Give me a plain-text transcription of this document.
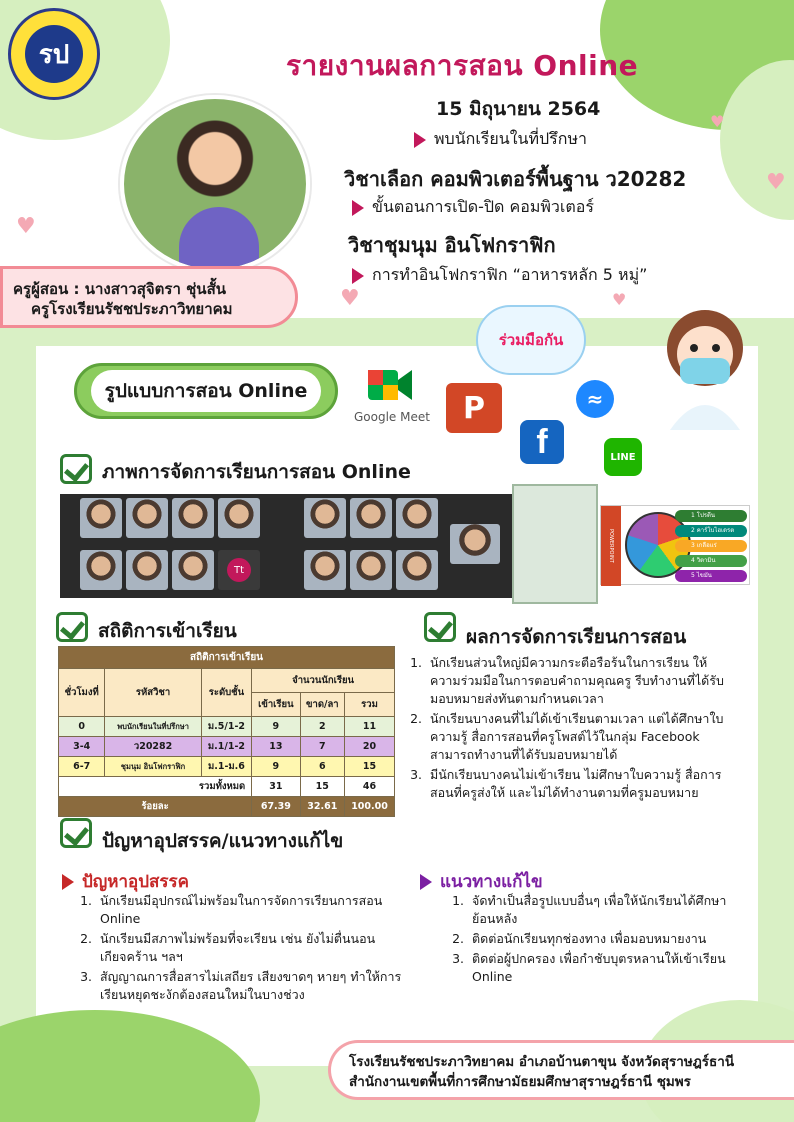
♥
♥
♥
♥
♥
รป	รายงานผลการสอน Online
15 มิถุนายน 2564
พบนักเรียนในที่ปรึกษา
วิชาเลือก คอมพิวเตอร์พื้นฐาน ว20282
ขั้นตอนการเปิด-ปิด คอมพิวเตอร์
วิชาชุมนุม อินโฟกราฟิก
การทำอินโฟกราฟิก “อาหารหลัก 5 หมู่”
ครูผู้สอน : นางสาวสุจิตรา ชุ่นสั้น
ครูโรงเรียนรัชชประภาวิทยาคม
ร่วมมือกัน
รูปแบบการสอน Online
Google Meet	P	≈
f	LINE
ภาพการจัดการเรียนการสอน Online
Tt
POWERPOINT
1 โปรตีน
2 คาร์โบไฮเดรต
3 เกลือแร่
4 วิตามิน
5 ไขมัน
สถิติการเข้าเรียน
สถิติการเข้าเรียน					
ชั่วโมงที่	รหัสวิชา	ระดับชั้น	จำนวนนักเรียน		
			เข้าเรียน	ขาด/ลา	รวม
0	พบนักเรียนในที่ปรึกษา	ม.5/1-2	9	2	11
3-4	ว20282	ม.1/1-2	13	7	20
6-7	ชุมนุม อินโฟกราฟิก	ม.1-ม.6	9	6	15
รวมทั้งหมด			31	15	46
ร้อยละ			67.39	32.61	100.00
ผลการจัดการเรียนการสอน
1. นักเรียนส่วนใหญ่มีความกระตือรือร้นในการเรียน ให้ความร่วมมือในการตอบคำถามคุณครู รีบทำงานที่ได้รับมอบหมายส่งทันตามกำหนดเวลา
2. นักเรียนบางคนที่ไม่ได้เข้าเรียนตามเวลา แต่ได้ศึกษาใบความรู้ สื่อการสอนที่ครูโพสต์ไว้ในกลุ่ม Facebook สามารถทำงานที่ได้รับมอบหมายได้
3. มีนักเรียนบางคนไม่เข้าเรียน ไม่ศึกษาใบความรู้ สื่อการสอนที่ครูส่งให้ และไม่ได้ทำงานตามที่ครูมอบหมาย
ปัญหาอุปสรรค/แนวทางแก้ไข
ปัญหาอุปสรรค
1. นักเรียนมีอุปกรณ์ไม่พร้อมในการจัดการเรียนการสอน Online
2. นักเรียนมีสภาพไม่พร้อมที่จะเรียน เช่น ยังไม่ตื่นนอน เกียจคร้าน ฯลฯ
3. สัญญาณการสื่อสารไม่เสถียร เสียงขาดๆ หายๆ ทำให้การเรียนหยุดชะงักต้องสอนใหม่ในบางช่วง
แนวทางแก้ไข
1. จัดทำเป็นสื่อรูปแบบอื่นๆ เพื่อให้นักเรียนได้ศึกษาย้อนหลัง
2. ติดต่อนักเรียนทุกช่องทาง เพื่อมอบหมายงาน
3. ติดต่อผู้ปกครอง เพื่อกำชับบุตรหลานให้เข้าเรียน Online
โรงเรียนรัชชประภาวิทยาคม อำเภอบ้านตาขุน จังหวัดสุราษฎร์ธานี
สำนักงานเขตพื้นที่การศึกษามัธยมศึกษาสุราษฎร์ธานี ชุมพร
